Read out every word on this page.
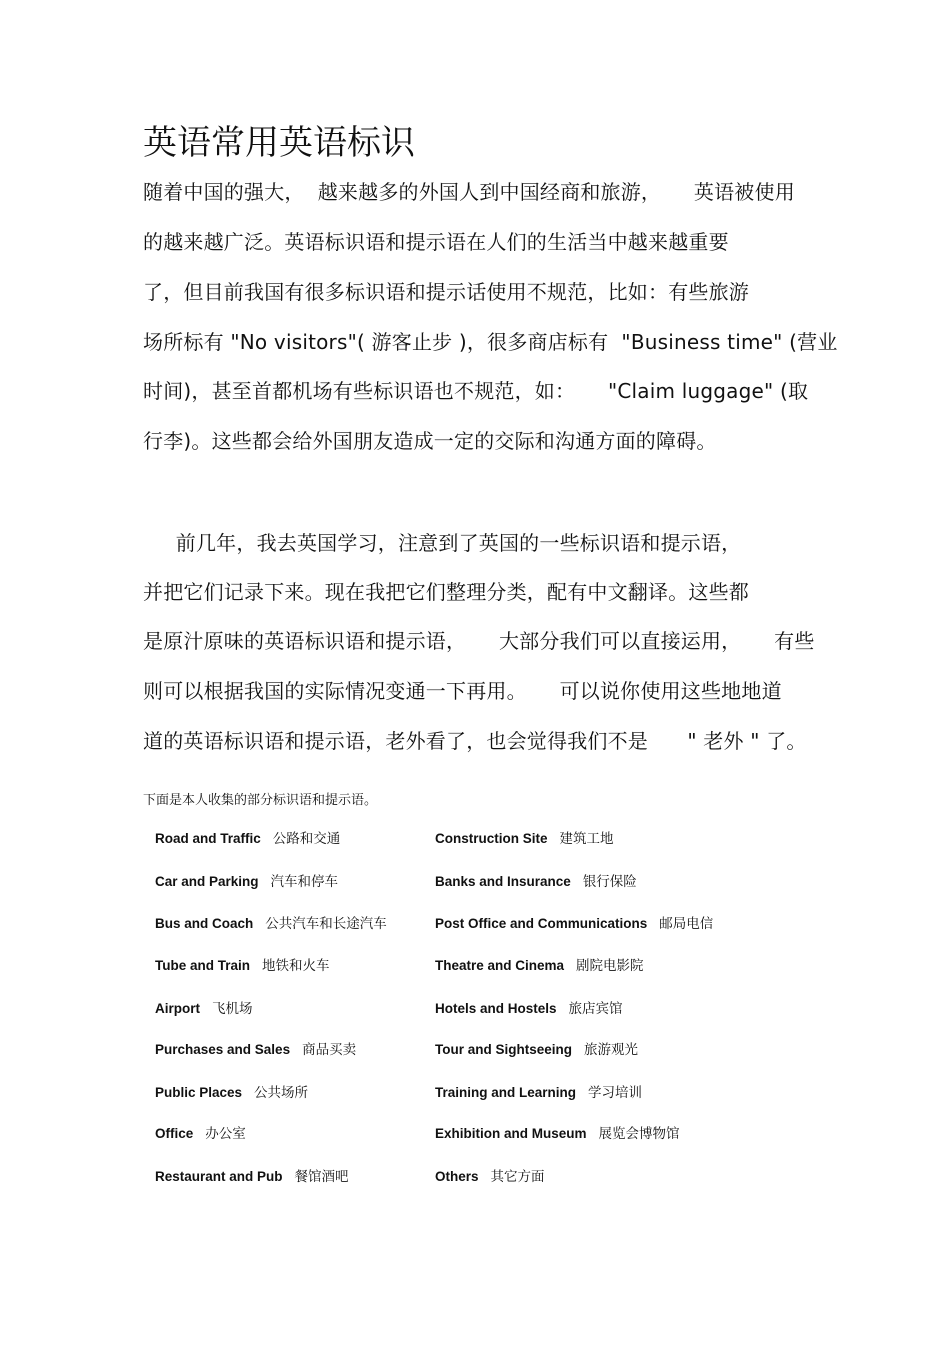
英语常用英语标识
随着中国的强大，  越来越多的外国人到中国经商和旅游，     英语被使用
的越来越广泛。英语标识语和提示语在人们的生活当中越来越重要
了，但目前我国有很多标识语和提示话使用不规范，比如：有些旅游
场所标有 "No visitors"( 游客止步 )，很多商店标有  "Business time" (营业
时间)，甚至首都机场有些标识语也不规范，如：     "Claim luggage" (取
行李)。这些都会给外国朋友造成一定的交际和沟通方面的障碍。
前几年，我去英国学习，注意到了英国的一些标识语和提示语，
并把它们记录下来。现在我把它们整理分类，配有中文翻译。这些都
是原汁原味的英语标识语和提示语，     大部分我们可以直接运用，     有些
则可以根据我国的实际情况变通一下再用。     可以说你使用这些地地道
道的英语标识语和提示语，老外看了，也会觉得我们不是      " 老外 " 了。
下面是本人收集的部分标识语和提示语。
Road and Traffic 公路和交通
Car and Parking 汽车和停车
Bus and Coach 公共汽车和长途汽车
Tube and Train 地铁和火车
Airport 飞机场
Purchases and Sales 商品买卖
Public Places 公共场所
Office 办公室
Restaurant and Pub 餐馆酒吧
Construction Site 建筑工地
Banks and Insurance 银行保险
Post Office and Communications 邮局电信
Theatre and Cinema 剧院电影院
Hotels and Hostels 旅店宾馆
Tour and Sightseeing 旅游观光
Training and Learning 学习培训
Exhibition and Museum 展览会博物馆
Others 其它方面
